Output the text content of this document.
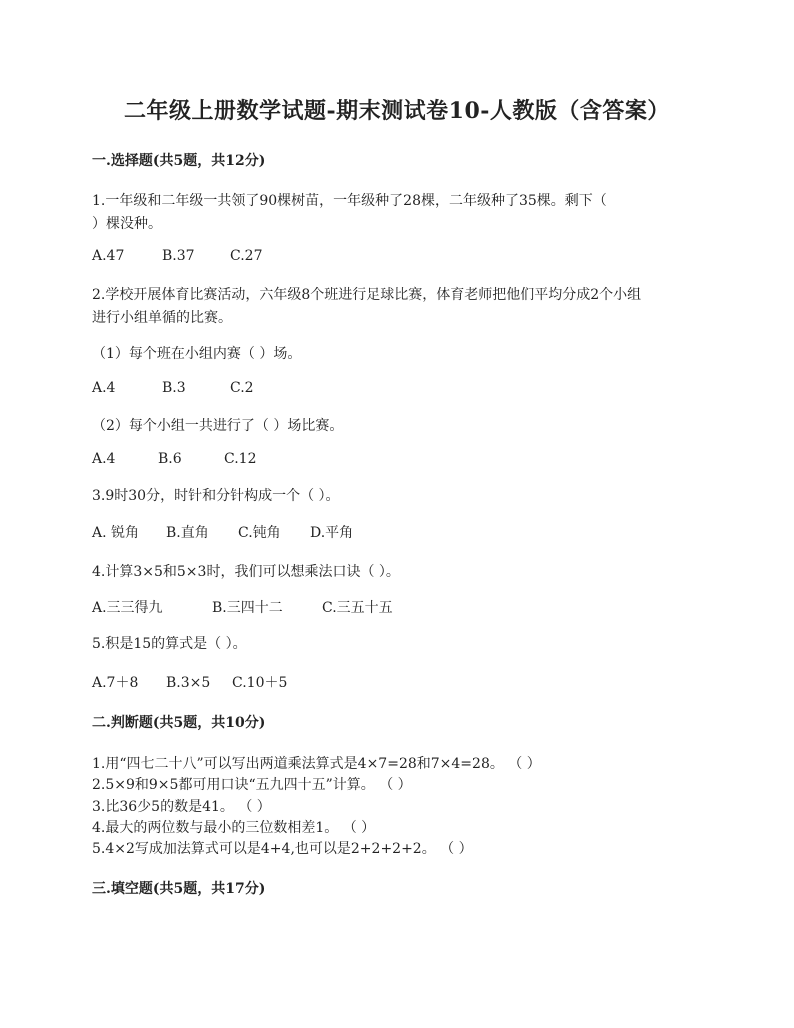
二年级上册数学试题-期末测试卷10-人教版（含答案）
一.选择题(共5题，共12分)
1.一年级和二年级一共领了90棵树苗，一年级种了28棵，二年级种了35棵。剩下（
）棵没种。
A.47	B.37	C.27
2.学校开展体育比赛活动，六年级8个班进行足球比赛，体育老师把他们平均分成2个小组
进行小组单循的比赛。
（1）每个班在小组内赛（ ）场。
A.4	B.3	C.2
（2）每个小组一共进行了（ ）场比赛。
A.4	B.6	C.12
3.9时30分，时针和分针构成一个（ ）。
A. 锐角 B.直角 C.钝角 D.平角
4.计算3×5和5×3时，我们可以想乘法口诀（ ）。
A.三三得九	B.三四十二	C.三五十五
5.积是15的算式是（ ）。
A.7＋8 B.3×5 C.10＋5
二.判断题(共5题，共10分)
1.用“四七二十八”可以写出两道乘法算式是4×7=28和7×4=28。 （ ）
2.5×9和9×5都可用口诀“五九四十五”计算。 （ ）
3.比36少5的数是41。 （ ）
4.最大的两位数与最小的三位数相差1。 （ ）
5.4×2写成加法算式可以是4+4,也可以是2+2+2+2。 （ ）
三.填空题(共5题，共17分)
